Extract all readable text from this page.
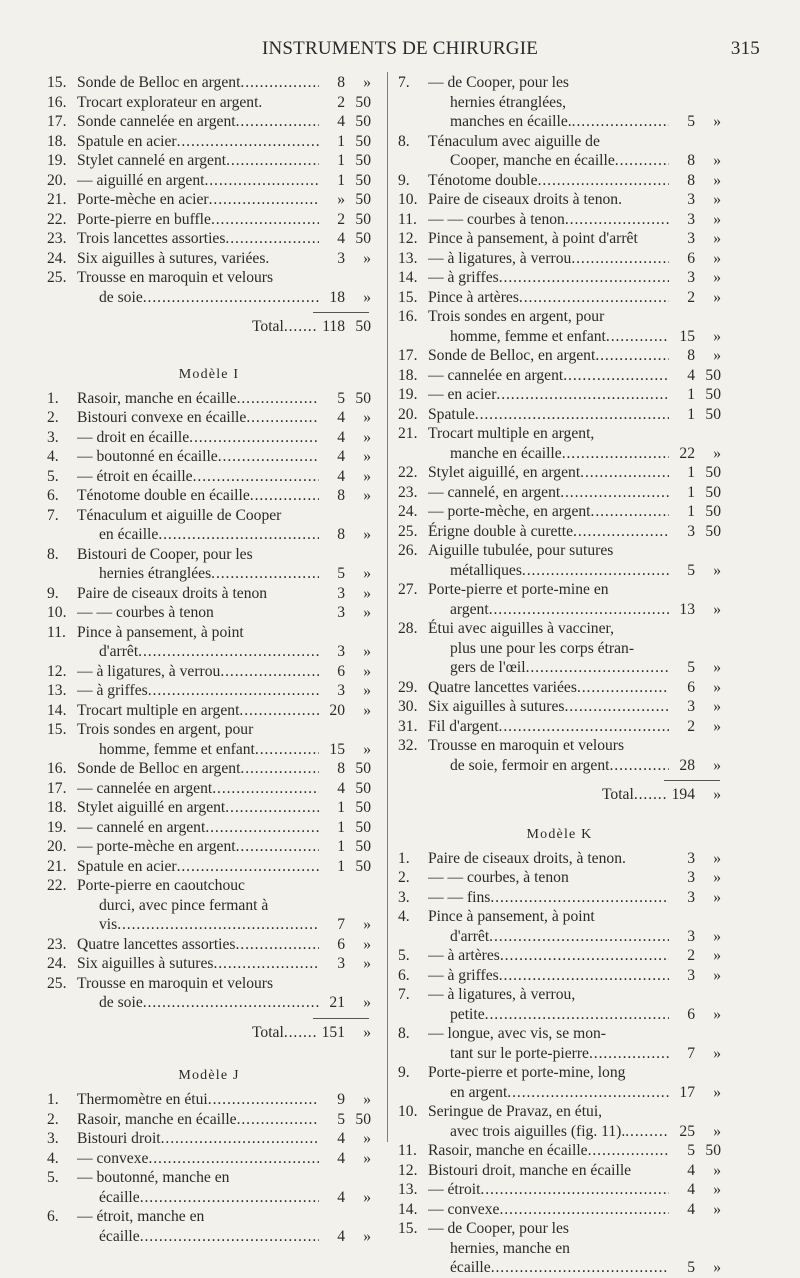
INSTRUMENTS DE CHIRURGIE	315
15. Sonde de Belloc en argent . . .	8	»
16. Trocart explorateur en argent.	2 50
17. Sonde cannelée en argent . . .	4 50
18. Spatule en acier . . .	1 50
19. Stylet cannelé en argent . . .	1 50
20. — aiguillé en argent . . .	1 50
21. Porte-mèche en acier . . .	» 50
22. Porte-pierre en buffle . . .	2 50
23. Trois lancettes assorties . . .	4 50
24. Six aiguilles à sutures, variées.	3	»
25. Trousse en maroquin et velours
de soie . . .	18	»
Total . . . . . . . 118 50
Modèle I
1.	Rasoir, manche en écaille . . .	5 50
2.	Bistouri convexe en écaille . . .	4	»
3.	— droit en écaille . . .	4	»
4.	— boutonné en écaille . . .	4	»
5.	— étroit en écaille . . .	4	»
6.	Ténotome double en écaille . . .	8	»
7.	Ténaculum et aiguille de Cooper
en écaille . . .	8	»
8.	Bistouri de Cooper, pour les
hernies étranglées . . .	5	»
9.	Paire de ciseaux droits à tenon	3	»
10. — — courbes à tenon	3	»
11. Pince à pansement, à point
d'arrêt . . .	3	»
12. — à ligatures, à verrou . . .	6	»
13. — à griffes . . .	3	»
14. Trocart multiple en argent . . .	20	»
15. Trois sondes en argent, pour
homme, femme et enfant . . .	15	»
16. Sonde de Belloc en argent . . .	8 50
17. — cannelée en argent . . .	4 50
18. Stylet aiguillé en argent . . .	1 50
19. — cannelé en argent . . .	1 50
20. — porte-mèche en argent . . .	1 50
21. Spatule en acier . . .	1 50
22. Porte-pierre en caoutchouc
durci, avec pince fermant à
vis . . .	7	»
23. Quatre lancettes assorties . . .	6	»
24. Six aiguilles à sutures . . .	3	»
25. Trousse en maroquin et velours
de soie . . .	21	»
Total . . . . . . . 151	»
Modèle J
1.	Thermomètre en étui . . .	9	»
2.	Rasoir, manche en écaille . . .	5 50
3.	Bistouri droit . . .	4	»
4.	— convexe . . .	4	»
5.	— boutonné, manche en
écaille . . .	4	»
6.	— étroit, manche en
écaille . . .	4	»
7.	— de Cooper, pour les
hernies étranglées,
manches en écaille. . . .	5	»
8.	Ténaculum avec aiguille de
Cooper, manche en écaille . . .	8	»
9.	Ténotome double . . .	8	»
10. Paire de ciseaux droits à tenon.	3	»
11. — — courbes à tenon . . .	3	»
12. Pince à pansement, à point d'arrêt	3	»
13. — à ligatures, à verrou . . .	6	»
14. — à griffes . . .	3	»
15. Pince à artères . . .	2	»
16. Trois sondes en argent, pour
homme, femme et enfant . . .	15	»
17. Sonde de Belloc, en argent . . .	8	»
18. — cannelée en argent . . .	4 50
19. — en acier . . .	1 50
20. Spatule . . .	1 50
21. Trocart multiple en argent,
manche en écaille . . .	22	»
22. Stylet aiguillé, en argent . . .	1 50
23. — cannelé, en argent . . .	1 50
24. — porte-mèche, en argent . . .	1 50
25. Érigne double à curette . . .	3 50
26. Aiguille tubulée, pour sutures
métalliques . . .	5	»
27. Porte-pierre et porte-mine en
argent . . .	13	»
28. Étui avec aiguilles à vacciner,
plus une pour les corps étran-
gers de l'œil . . .	5	»
29. Quatre lancettes variées . . .	6	»
30. Six aiguilles à sutures . . .	3	»
31. Fil d'argent . . .	2	»
32. Trousse en maroquin et velours
de soie, fermoir en argent . . .	28	»
Total . . . . . . . 194	»
Modèle K
1.	Paire de ciseaux droits, à tenon.	3	»
2.	— — courbes, à tenon	3	»
3.	— — fins . . .	3	»
4.	Pince à pansement, à point
d'arrêt . . .	3	»
5.	— à artères . . .	2	»
6.	— à griffes . . .	3	»
7.	— à ligatures, à verrou,
petite . . .	6	»
8.	— longue, avec vis, se mon-
tant sur le porte-pierre . . .	7	»
9.	Porte-pierre et porte-mine, long
en argent . . .	17	»
10. Seringue de Pravaz, en étui,
avec trois aiguilles (fig. 11). . . .	25	»
11. Rasoir, manche en écaille . . .	5 50
12. Bistouri droit, manche en écaille	4	»
13. — étroit . . .	4	»
14. — convexe . . .	4	»
15. — de Cooper, pour les
hernies, manche en
écaille . . .	5	»
